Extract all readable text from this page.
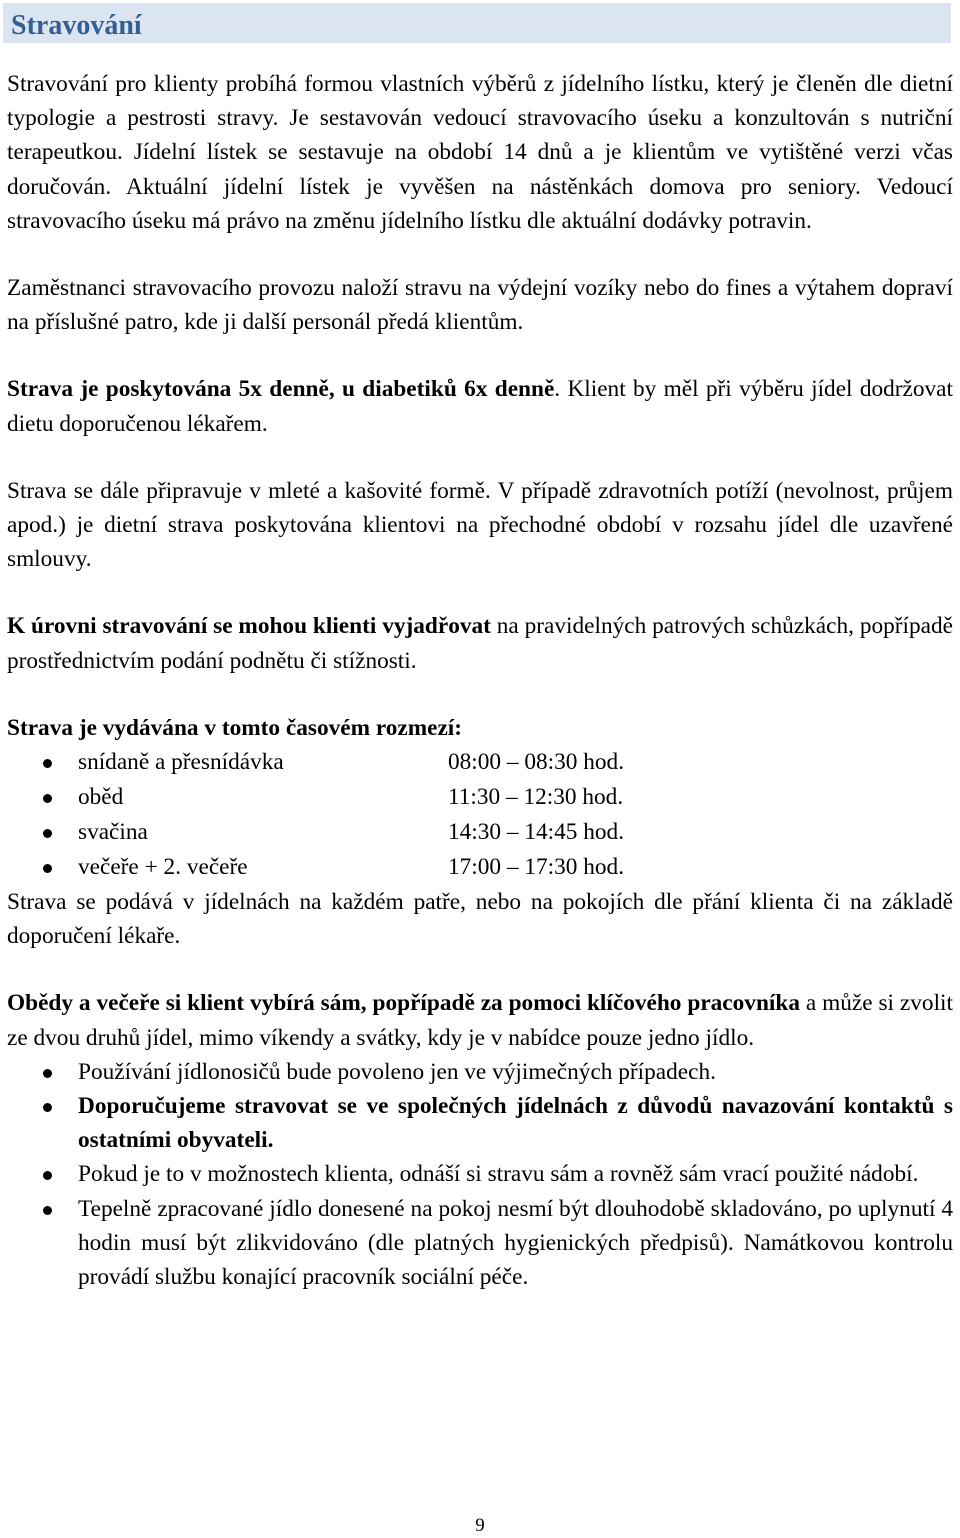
Stravování

Stravování pro klienty probíhá formou vlastních výběrů z jídelního lístku, který je členěn dle dietní typologie a pestrosti stravy. Je sestavován vedoucí stravovacího úseku a konzultován s nutriční terapeutkou. Jídelní lístek se sestavuje na období 14 dnů a je klientům ve vytištěné verzi včas doručován. Aktuální jídelní lístek je vyvěšen na nástěnkách domova pro seniory. Vedoucí stravovacího úseku má právo na změnu jídelního lístku dle aktuální dodávky potravin.

Zaměstnanci stravovacího provozu naloží stravu na výdejní vozíky nebo do fines a výtahem dopraví na příslušné patro, kde ji další personál předá klientům.

Strava je poskytována 5x denně, u diabetiků 6x denně. Klient by měl při výběru jídel dodržovat dietu doporučenou lékařem.

Strava se dále připravuje v mleté a kašovité formě. V případě zdravotních potíží (nevolnost, průjem apod.) je dietní strava poskytována klientovi na přechodné období v rozsahu jídel dle uzavřené smlouvy.

K úrovni stravování se mohou klienti vyjadřovat na pravidelných patrových schůzkách, popřípadě prostřednictvím podání podnětu či stížnosti.

Strava je vydávána v tomto časovém rozmezí:

snídaně a přesnídávka	08:00 – 08:30 hod.
oběd	11:30 – 12:30 hod.
svačina	14:30 – 14:45 hod.
večeře + 2. večeře	17:00 – 17:30 hod.

Strava se podává v jídelnách na každém patře, nebo na pokojích dle přání klienta či na základě doporučení lékaře.

Obědy a večeře si klient vybírá sám, popřípadě za pomoci klíčového pracovníka a může si zvolit ze dvou druhů jídel, mimo víkendy a svátky, kdy je v nabídce pouze jedno jídlo.

Používání jídlonosičů bude povoleno jen ve výjimečných případech.
Doporučujeme stravovat se ve společných jídelnách z důvodů navazování kontaktů s ostatními obyvateli.
Pokud je to v možnostech klienta, odnáší si stravu sám a rovněž sám vrací použité nádobí.
Tepelně zpracované jídlo donesené na pokoj nesmí být dlouhodobě skladováno, po uplynutí 4 hodin musí být zlikvidováno (dle platných hygienických předpisů). Namátkovou kontrolu provádí službu konající pracovník sociální péče.
9
